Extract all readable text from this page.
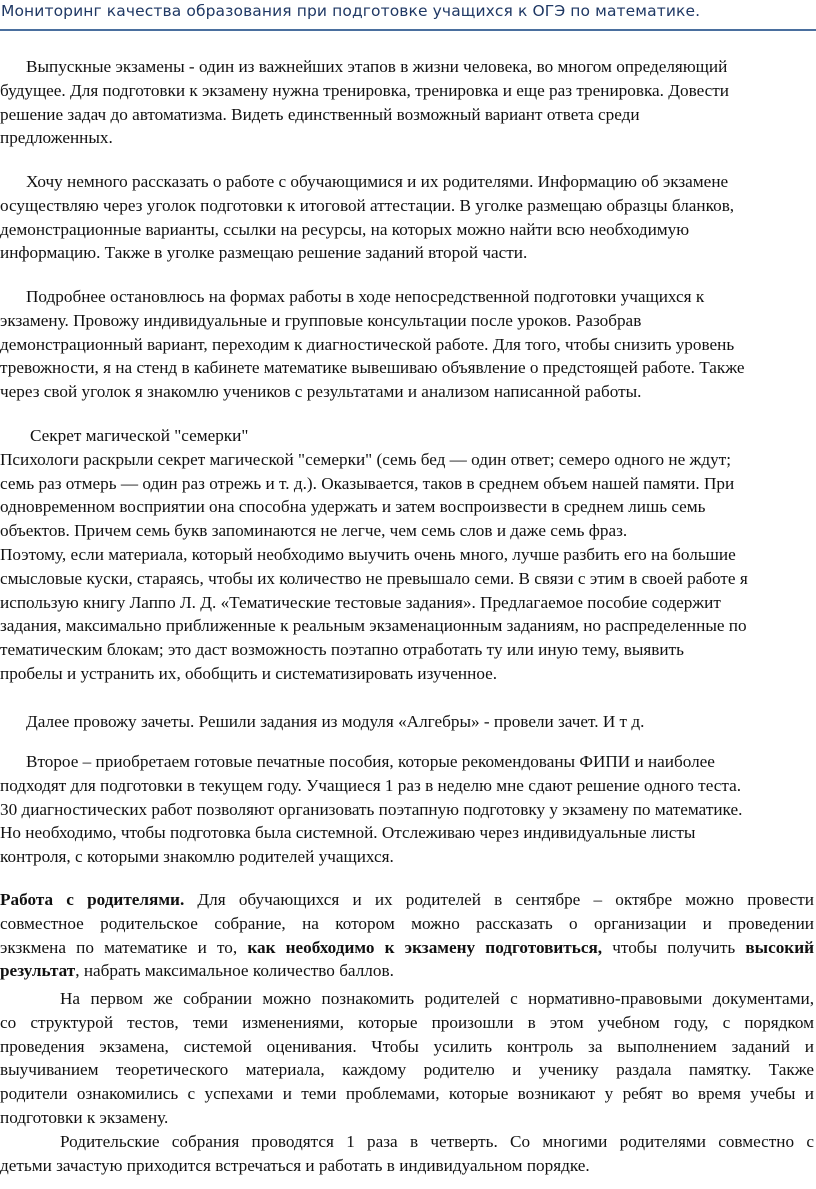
Мониторинг качества образования при подготовке учащихся к ОГЭ по математике.
Выпускные экзамены - один из важнейших этапов в жизни человека, во многом определяющий
будущее. Для подготовки к экзамену нужна тренировка, тренировка и еще раз тренировка. Довести
решение задач до автоматизма. Видеть единственный возможный вариант ответа среди
предложенных.
Хочу немного рассказать о работе с обучающимися и их родителями. Информацию об экзамене
осуществляю через уголок подготовки к итоговой аттестации. В уголке размещаю образцы бланков,
демонстрационные варианты, ссылки на ресурсы, на которых можно найти всю необходимую
информацию. Также в уголке размещаю решение заданий второй части.
Подробнее остановлюсь на формах работы в ходе непосредственной подготовки учащихся к
экзамену. Провожу индивидуальные и групповые консультации после уроков. Разобрав
демонстрационный вариант, переходим к диагностической работе. Для того, чтобы снизить уровень
тревожности, я на стенд в кабинете математике вывешиваю объявление о предстоящей работе. Также
через свой уголок я знакомлю учеников с результатами и анализом написанной работы.
Секрет магической "семерки"
Психологи раскрыли секрет магической "семерки" (семь бед — один ответ; семеро одного не ждут;
семь раз отмерь — один раз отрежь и т. д.). Оказывается, таков в среднем объем нашей памяти. При
одновременном восприятии она способна удержать и затем воспроизвести в среднем лишь семь
объектов. Причем семь букв запоминаются не легче, чем семь слов и даже семь фраз.
Поэтому, если материала, который необходимо выучить очень много, лучше разбить его на большие
смысловые куски, стараясь, чтобы их количество не превышало семи. В связи с этим в своей работе я
использую книгу Лаппо Л. Д. «Тематические тестовые задания». Предлагаемое пособие содержит
задания, максимально приближенные к реальным экзаменационным заданиям, но распределенные по
тематическим блокам; это даст возможность поэтапно отработать ту или иную тему, выявить
пробелы и устранить их, обобщить и систематизировать изученное.
Далее провожу зачеты. Решили задания из модуля «Алгебры» - провели зачет. И т д.
Второе – приобретаем готовые печатные пособия, которые рекомендованы ФИПИ и наиболее
подходят для подготовки в текущем году. Учащиеся 1 раз в неделю мне сдают решение одного теста.
30 диагностических работ позволяют организовать поэтапную подготовку у экзамену по математике.
Но необходимо, чтобы подготовка была системной. Отслеживаю через индивидуальные листы
контроля, с которыми знакомлю родителей учащихся.
Работа с родителями. Для обучающихся и их родителей в сентябре – октябре можно провести
совместное родительское собрание, на котором можно рассказать о организации и проведении
экзкмена по математике и то, как необходимо к экзамену подготовиться, чтобы получить высокий
результат, набрать максимальное количество баллов.
На первом же собрании можно познакомить родителей с нормативно-правовыми документами,
со структурой тестов, теми изменениями, которые произошли в этом учебном году, с порядком
проведения экзамена, системой оценивания. Чтобы усилить контроль за выполнением заданий и
выучиванием теоретического материала, каждому родителю и ученику раздала памятку. Также
родители ознакомились с успехами и теми проблемами, которые возникают у ребят во время учебы и
подготовки к экзамену.
Родительские собрания проводятся 1 раза в четверть. Со многими родителями совместно с
детьми зачастую приходится встречаться и работать в индивидуальном порядке.
